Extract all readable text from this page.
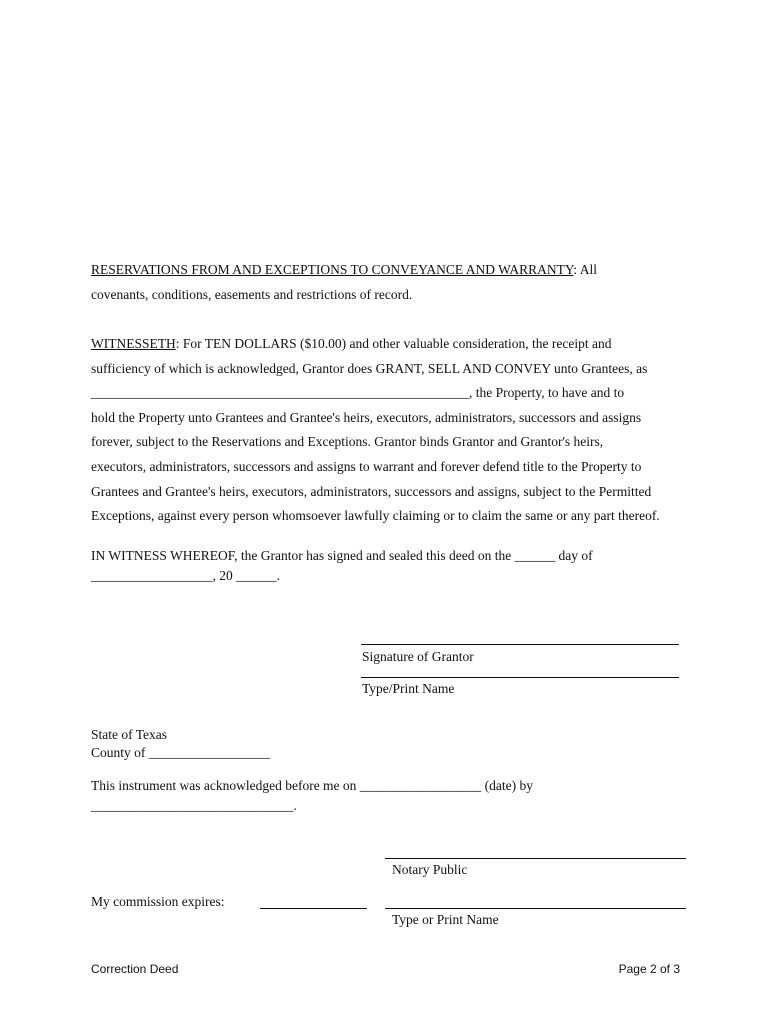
RESERVATIONS FROM AND EXCEPTIONS TO CONVEYANCE AND WARRANTY: All
covenants, conditions, easements and restrictions of record.
WITNESSETH: For TEN DOLLARS ($10.00) and other valuable consideration, the receipt and
sufficiency of which is acknowledged, Grantor does GRANT, SELL AND CONVEY unto Grantees, as
________________________________________________________, the Property, to have and to
hold the Property unto Grantees and Grantee's heirs, executors, administrators, successors and assigns
forever, subject to the Reservations and Exceptions. Grantor binds Grantor and Grantor's heirs,
executors, administrators, successors and assigns to warrant and forever defend title to the Property to
Grantees and Grantee's heirs, executors, administrators, successors and assigns, subject to the Permitted
Exceptions, against every person whomsoever lawfully claiming or to claim the same or any part thereof.
IN WITNESS WHEREOF, the Grantor has signed and sealed this deed on the ______ day of
__________________, 20 ______.
Signature of Grantor
Type/Print Name
State of Texas
County of __________________
This instrument was acknowledged before me on __________________ (date) by
______________________________.
Notary Public
My commission expires:
Type or Print Name
Correction Deed	Page 2 of 3
